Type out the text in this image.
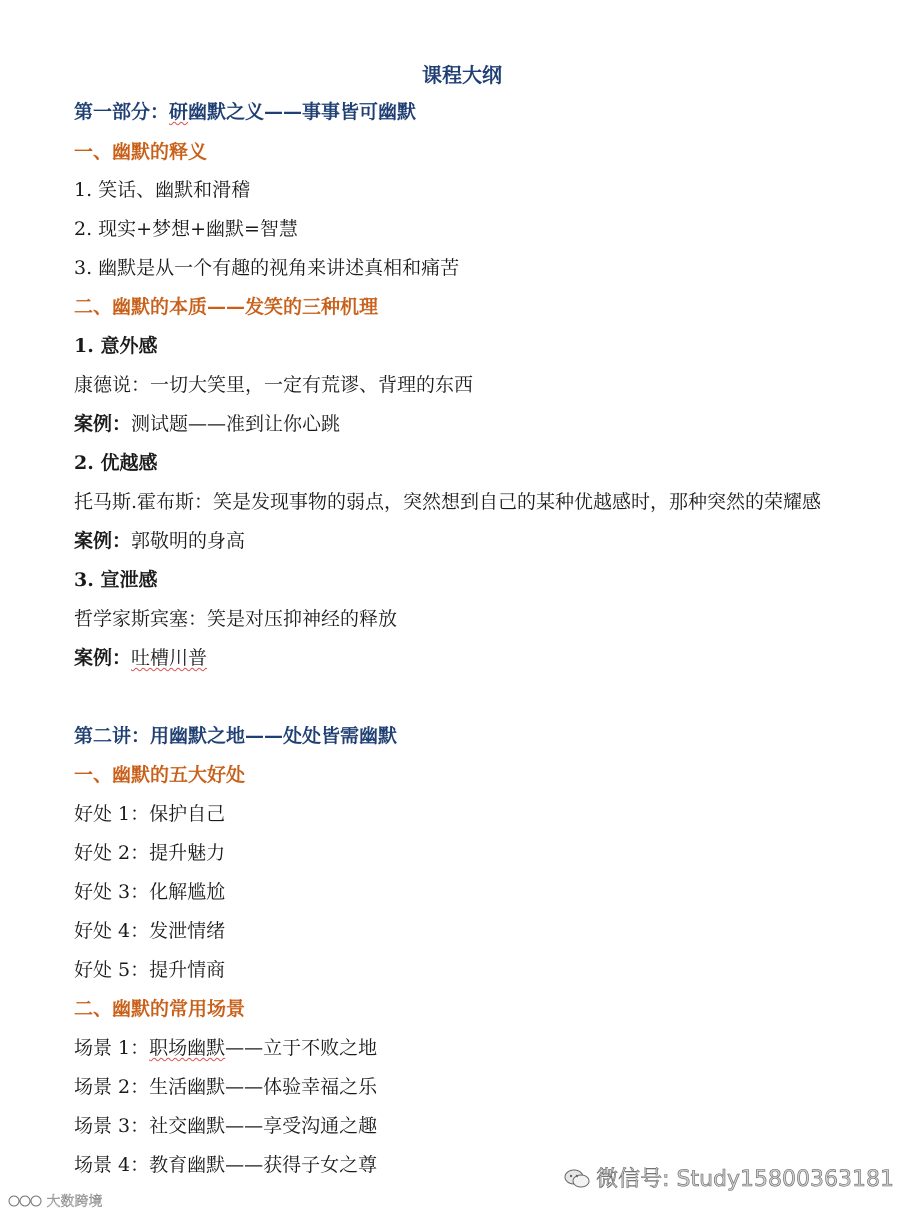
课程大纲
第一部分：研幽默之义——事事皆可幽默
一、幽默的释义
1. 笑话、幽默和滑稽
2. 现实+梦想+幽默=智慧
3. 幽默是从一个有趣的视角来讲述真相和痛苦
二、幽默的本质——发笑的三种机理
1. 意外感
康德说：一切大笑里，一定有荒谬、背理的东西
案例：测试题——准到让你心跳
2. 优越感
托马斯.霍布斯：笑是发现事物的弱点，突然想到自己的某种优越感时，那种突然的荣耀感
案例：郭敬明的身高
3. 宣泄感
哲学家斯宾塞：笑是对压抑神经的释放
案例：吐槽川普
第二讲：用幽默之地——处处皆需幽默
一、幽默的五大好处
好处 1：保护自己
好处 2：提升魅力
好处 3：化解尴尬
好处 4：发泄情绪
好处 5：提升情商
二、幽默的常用场景
场景 1：职场幽默——立于不败之地
场景 2：生活幽默——体验幸福之乐
场景 3：社交幽默——享受沟通之趣
场景 4：教育幽默——获得子女之尊
微信号: Study15800363181
大数跨境
